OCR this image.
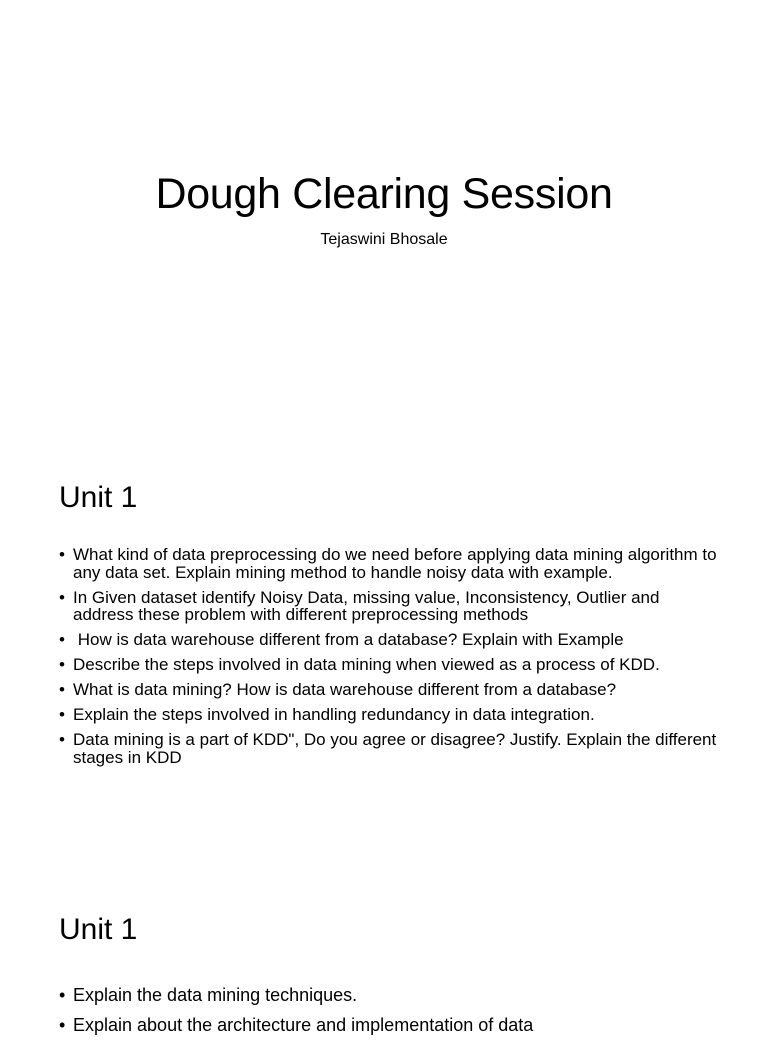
Dough Clearing Session
Tejaswini Bhosale
Unit 1
• What kind of data preprocessing do we need before applying data mining algorithm to any data set. Explain mining method to handle noisy data with example.
• In Given dataset identify Noisy Data, missing value, Inconsistency, Outlier and address these problem with different preprocessing methods
• How is data warehouse different from a database? Explain with Example
• Describe the steps involved in data mining when viewed as a process of KDD.
• What is data mining? How is data warehouse different from a database?
• Explain the steps involved in handling redundancy in data integration.
• Data mining is a part of KDD", Do you agree or disagree? Justify. Explain the different stages in KDD
Unit 1
• Explain the data mining techniques.
• Explain about the architecture and implementation of data
